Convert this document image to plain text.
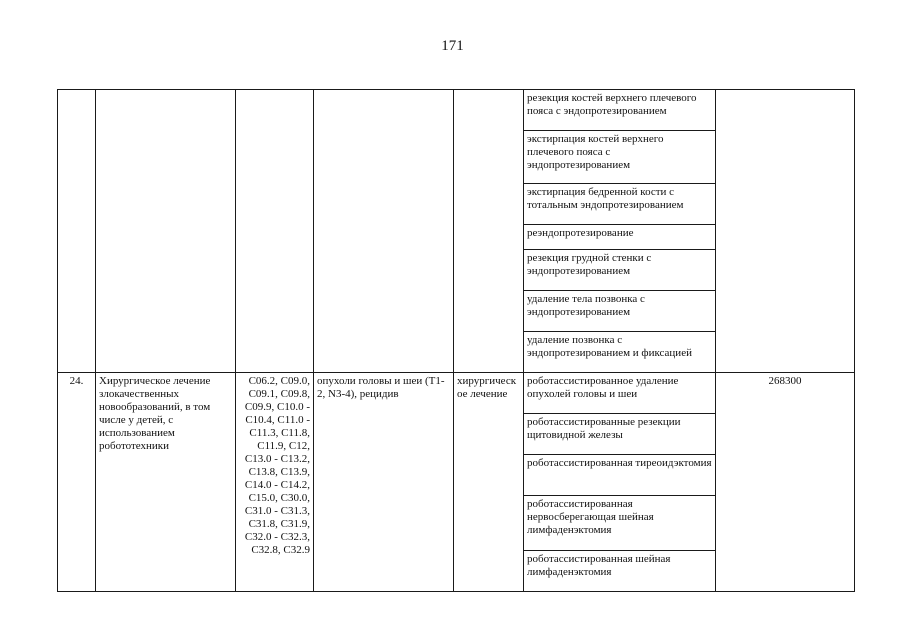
171
					резекция костей верхнего плечевого пояса с эндопротезированием	
					экстирпация костей верхнего плечевого пояса с эндопротезированием	
					экстирпация бедренной кости с тотальным эндопротезированием	
					реэндопротезирование	
					резекция грудной стенки с эндопротезированием	
					удаление тела позвонка с эндопротезированием	
					удаление позвонка с эндопротезированием и фиксацией	
24.	Хирургическое лечение злокачественных новообразований, в том числе у детей, с использованием робототехники	C06.2, C09.0, C09.1, C09.8, C09.9, C10.0 - C10.4, C11.0 - C11.3, C11.8, C11.9, C12, C13.0 - C13.2, C13.8, C13.9, C14.0 - C14.2, C15.0, C30.0, C31.0 - C31.3, C31.8, C31.9, C32.0 - C32.3, C32.8, C32.9	опухоли головы и шеи (T1-2, N3-4), рецидив	хирургическое лечение	роботассистированное удаление опухолей головы и шеи	268300
					роботассистированные резекции щитовидной железы	
					роботассистированная тиреоидэктомия	
					роботассистированная нервосберегающая шейная лимфаденэктомия	
					роботассистированная шейная лимфаденэктомия	
